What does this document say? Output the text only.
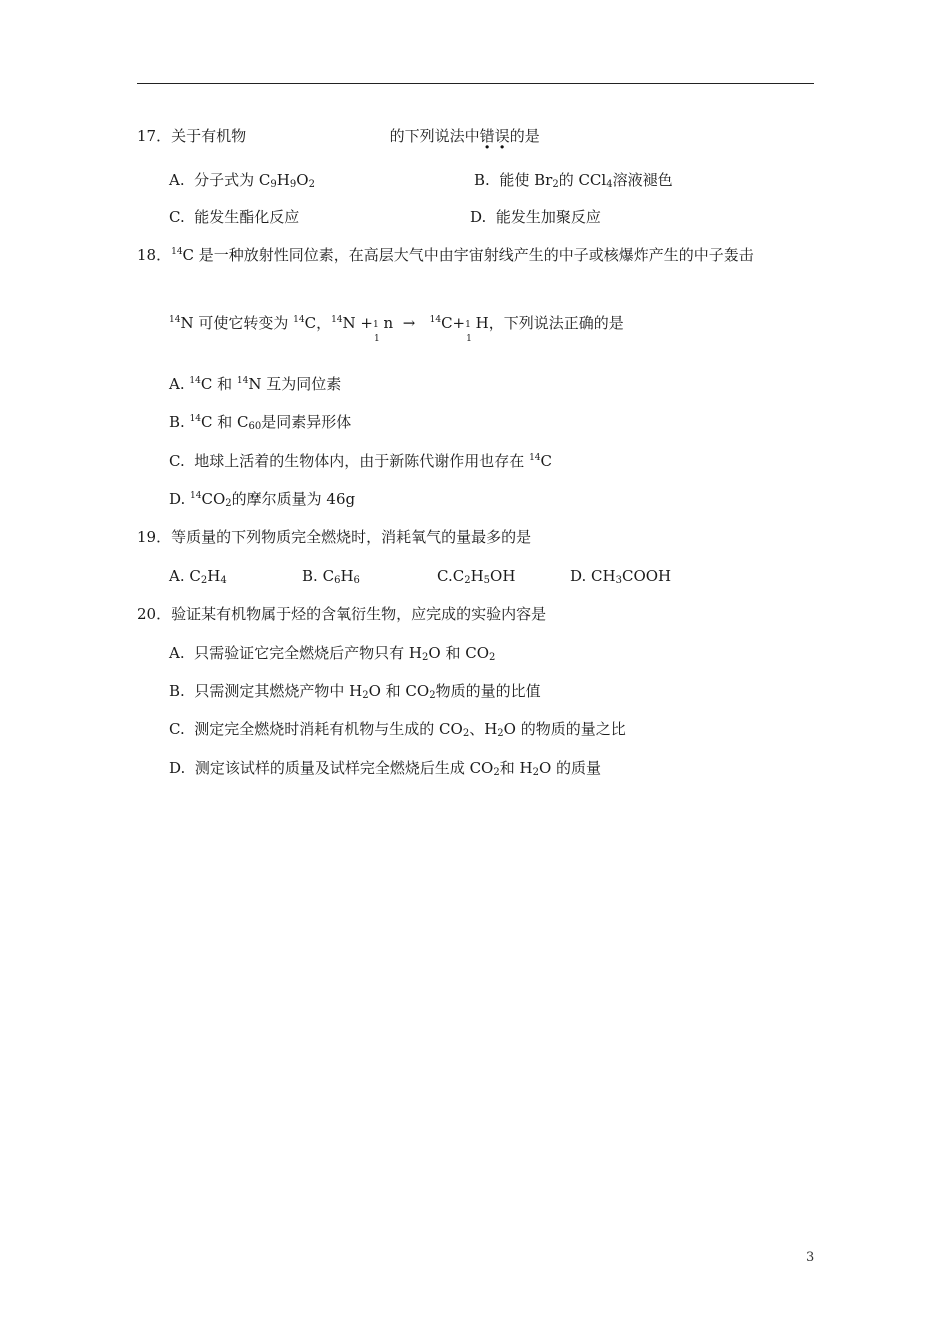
17．关于有机物	的下列说法中错误的是
A. 分子式为 $C_9H_9O_2$	B. 能使 $Br_2$的 CCl$_4$溶液褪色
C. 能发生酯化反应	D. 能发生加聚反应
18．$^{14}$C 是一种放射性同位素，在高层大气中由宇宙射线产生的中子或核爆炸产生的中子轰击
$^{14}$N 可使它转变为 $^{14}$C，$^{14}$N +1
1
n → $^{14}$C+1
1
H，下列说法正确的是
A. $^{14}$C 和 $^{14}$N 互为同位素
B. $^{14}$C 和 $C_{60}$是同素异形体
C. 地球上活着的生物体内，由于新陈代谢作用也存在 $^{14}$C
D. $^{14}CO_2$的摩尔质量为 46g
19．等质量的下列物质完全燃烧时，消耗氧气的量最多的是
A. $C_2H_4$	B. $C_6H_6$	$C.C_2H_5OH$	D. $CH_3COOH$
20．验证某有机物属于烃的含氧衍生物，应完成的实验内容是
A. 只需验证它完全燃烧后产物只有 $H_2O$ 和 $CO_2$
B. 只需测定其燃烧产物中 $H_2O$ 和 $CO_2$物质的量的比值
C. 测定完全燃烧时消耗有机物与生成的 $CO_2$、$H_2O$ 的物质的量之比
D. 测定该试样的质量及试样完全燃烧后生成 $CO_2$和 $H_2O$ 的质量
3
